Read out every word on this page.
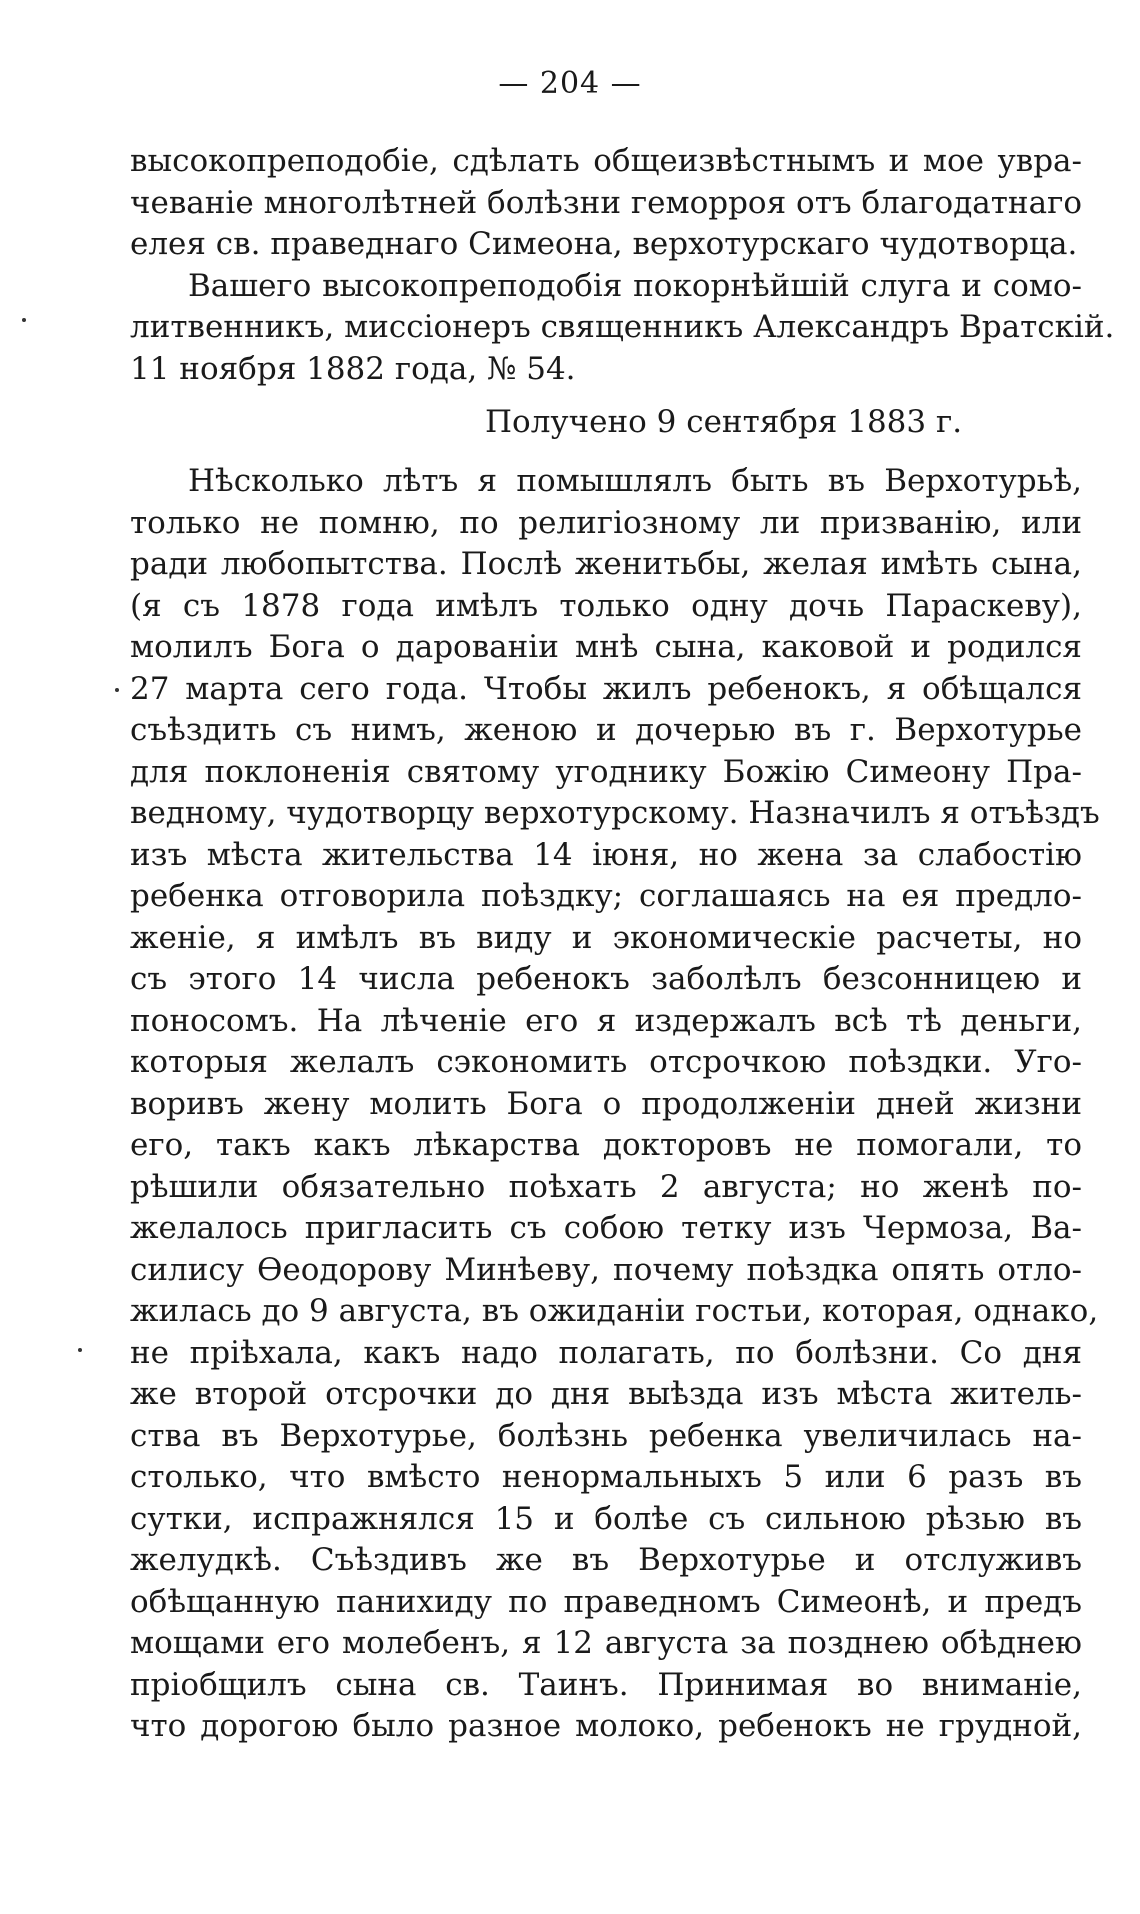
— 204 —
высокопреподобіе, сдѣлать общеизвѣстнымъ и мое увра-
чеваніе многолѣтней болѣзни геморроя отъ благодатнаго
елея св. праведнаго Симеона, верхотурскаго чудотворца.
Вашего высокопреподобія покорнѣйшій слуга и сомо-
литвенникъ, миссіонеръ священникъ Александръ Вратскій.
11 ноября 1882 года, № 54.

Получено 9 сентября 1883 г.

Нѣсколько лѣтъ я помышлялъ быть въ Верхотурьѣ,
только не помню, по религіозному ли призванію, или
ради любопытства. Послѣ женитьбы, желая имѣть сына,
(я съ 1878 года имѣлъ только одну дочь Параскеву),
молилъ Бога о дарованіи мнѣ сына, каковой и родился
27 марта сего года. Чтобы жилъ ребенокъ, я обѣщался
съѣздить съ нимъ, женою и дочерью въ г. Верхотурье
для поклоненія святому угоднику Божію Симеону Пра-
ведному, чудотворцу верхотурскому. Назначилъ я отъѣздъ
изъ мѣста жительства 14 іюня, но жена за слабостію
ребенка отговорила поѣздку; соглашаясь на ея предло-
женіе, я имѣлъ въ виду и экономическіе расчеты, но
съ этого 14 числа ребенокъ заболѣлъ безсонницею и
поносомъ. На лѣченіе его я издержалъ всѣ тѣ деньги,
которыя желалъ сэкономить отсрочкою поѣздки. Уго-
воривъ жену молить Бога о продолженіи дней жизни
его, такъ какъ лѣкарства докторовъ не помогали, то
рѣшили обязательно поѣхать 2 августа; но женѣ по-
желалось пригласить съ собою тетку изъ Чермоза, Ва-
силису Ѳеодорову Минѣеву, почему поѣздка опять отло-
жилась до 9 августа, въ ожиданіи гостьи, которая, однако,
не пріѣхала, какъ надо полагать, по болѣзни. Со дня
же второй отсрочки до дня выѣзда изъ мѣста житель-
ства въ Верхотурье, болѣзнь ребенка увеличилась на-
столько, что вмѣсто ненормальныхъ 5 или 6 разъ въ
сутки, испражнялся 15 и болѣе съ сильною рѣзью въ
желудкѣ. Съѣздивъ же въ Верхотурье и отслуживъ
обѣщанную панихиду по праведномъ Симеонѣ, и предъ
мощами его молебенъ, я 12 августа за позднею обѣднею
пріобщилъ сына св. Таинъ. Принимая во вниманіе,
что дорогою было разное молоко, ребенокъ не грудной,
